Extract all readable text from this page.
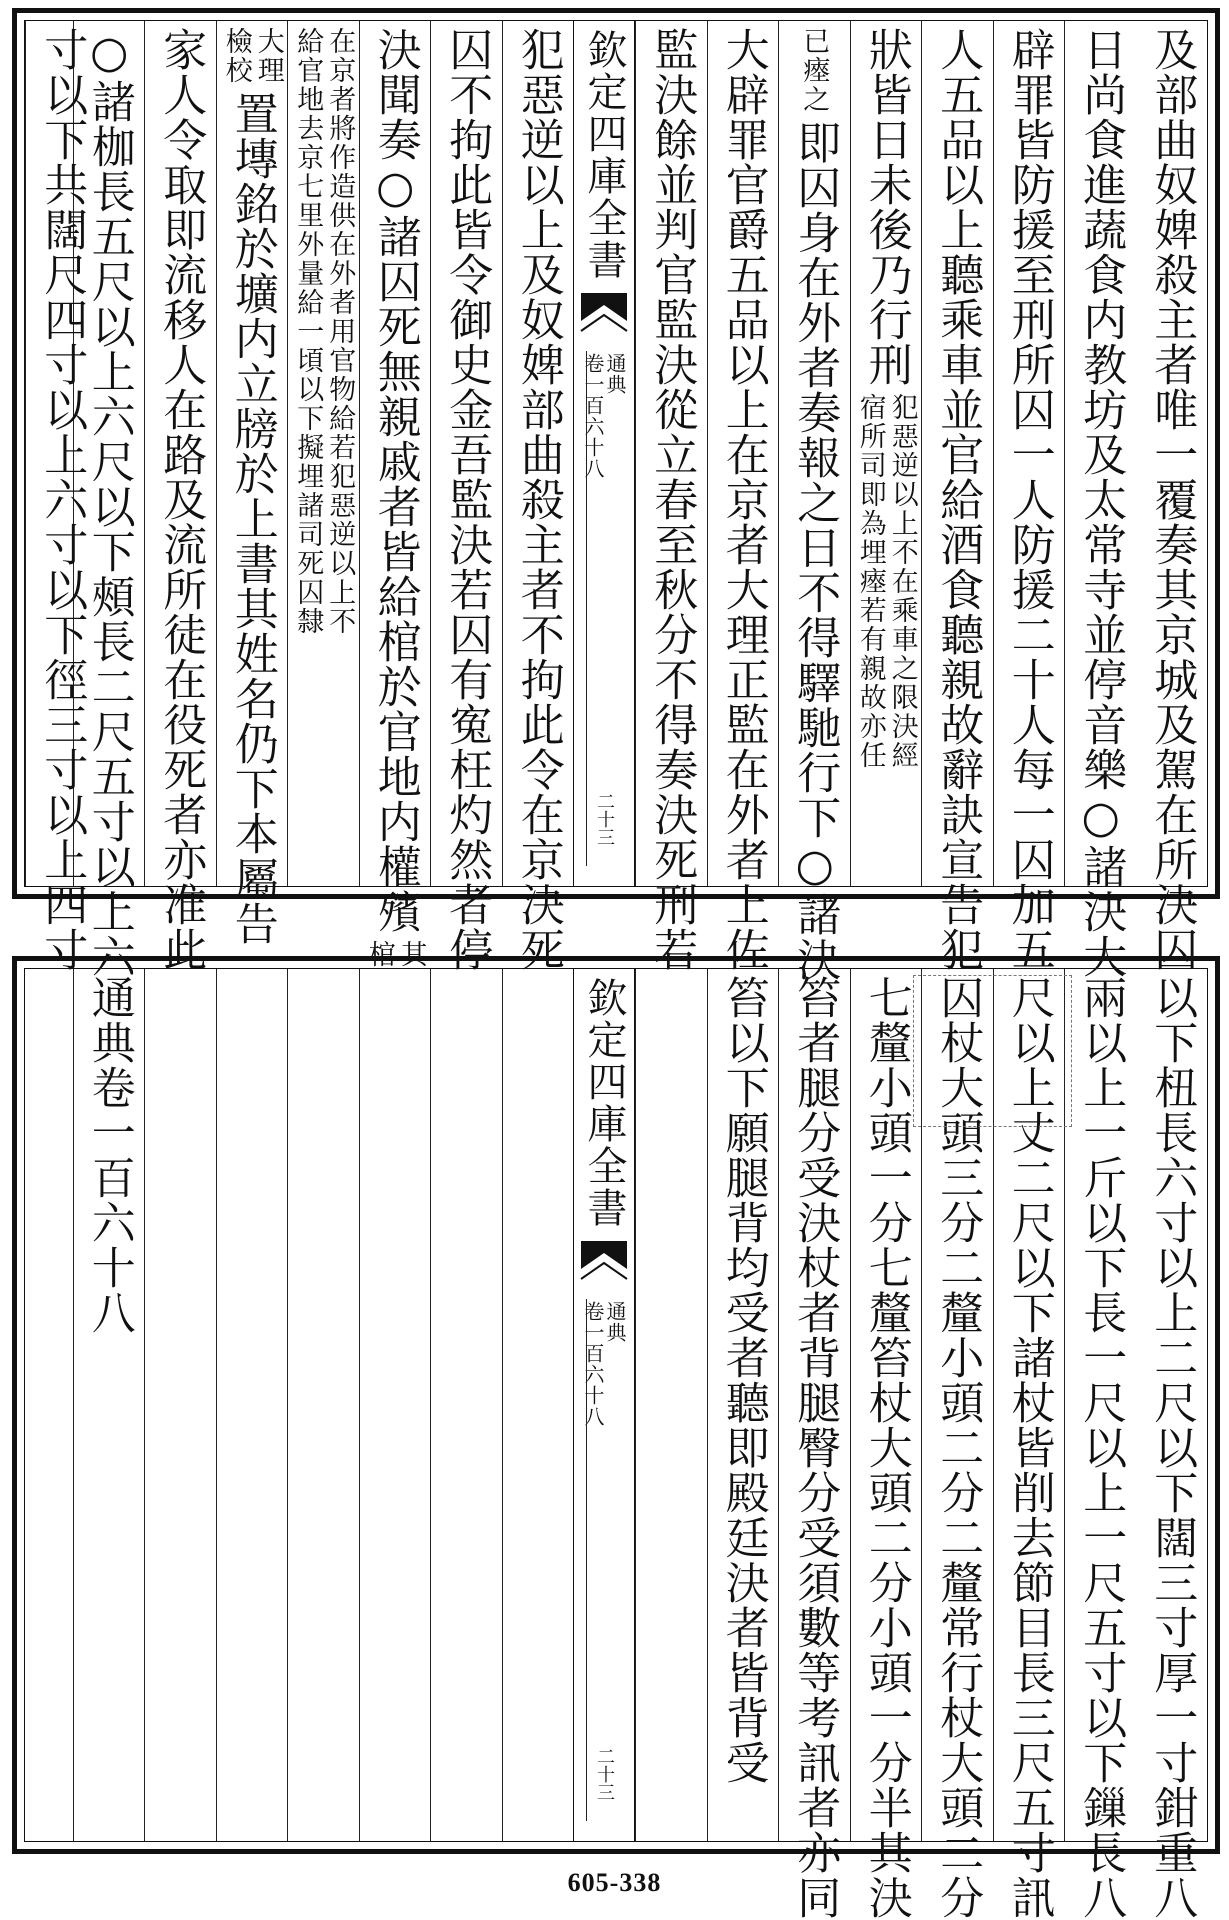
及部曲奴婢殺主者唯一覆奏其京城及駕在所決囚
日尚食進蔬食内教坊及太常寺並停音樂○諸決大
辟罪皆防援至刑所囚一人防援二十人每一囚加五
人五品以上聽乘車並官給酒食聽親故辭訣宣告犯
狀皆日未後乃行刑
犯惡逆以上不在乘車之限決經
宿所司即為埋瘞若有親故亦任
已瘞之
即囚身在外者奏報之日不得驛馳行下○諸決
大辟罪官爵五品以上在京者大理正監在外者上佐
監決餘並判官監決從立春至秋分不得奏決死刑若
犯惡逆以上及奴婢部曲殺主者不拘此令在京決死
囚不拘此皆令御史金吾監決若囚有寃枉灼然者停
決聞奏○諸囚死無親戚者皆給棺於官地内權殯
其
棺
在京者將作造供在外者用官物給若犯惡逆以上不
給官地去京七里外量給一頃以下擬埋諸司死囚隸
大理
檢校
置塼銘於壙内立牓於上書其姓名仍下本屬告
家人令取即流移人在路及流所徒在役死者亦准此
○諸枷長五尺以上六尺以下頰長二尺五寸以上六
寸以下共闊尺四寸以上六寸以下徑三寸以上四寸	欽定四庫全書
通典
卷一百六十八
二十三
以下杻長六寸以上二尺以下闊三寸厚一寸鉗重八
兩以上一斤以下長一尺以上一尺五寸以下鏁長八
尺以上丈二尺以下諸杖皆削去節目長三尺五寸訊
囚杖大頭三分二釐小頭二分二釐常行杖大頭二分
七釐小頭一分七釐笞杖大頭二分小頭一分半其決
笞者腿分受決杖者背腿臀分受須數等考訊者亦同
笞以下願腿背均受者聽即殿廷決者皆背受
通典卷一百六十八	欽定四庫全書
通典
卷一百六十八
二十三
605-338
